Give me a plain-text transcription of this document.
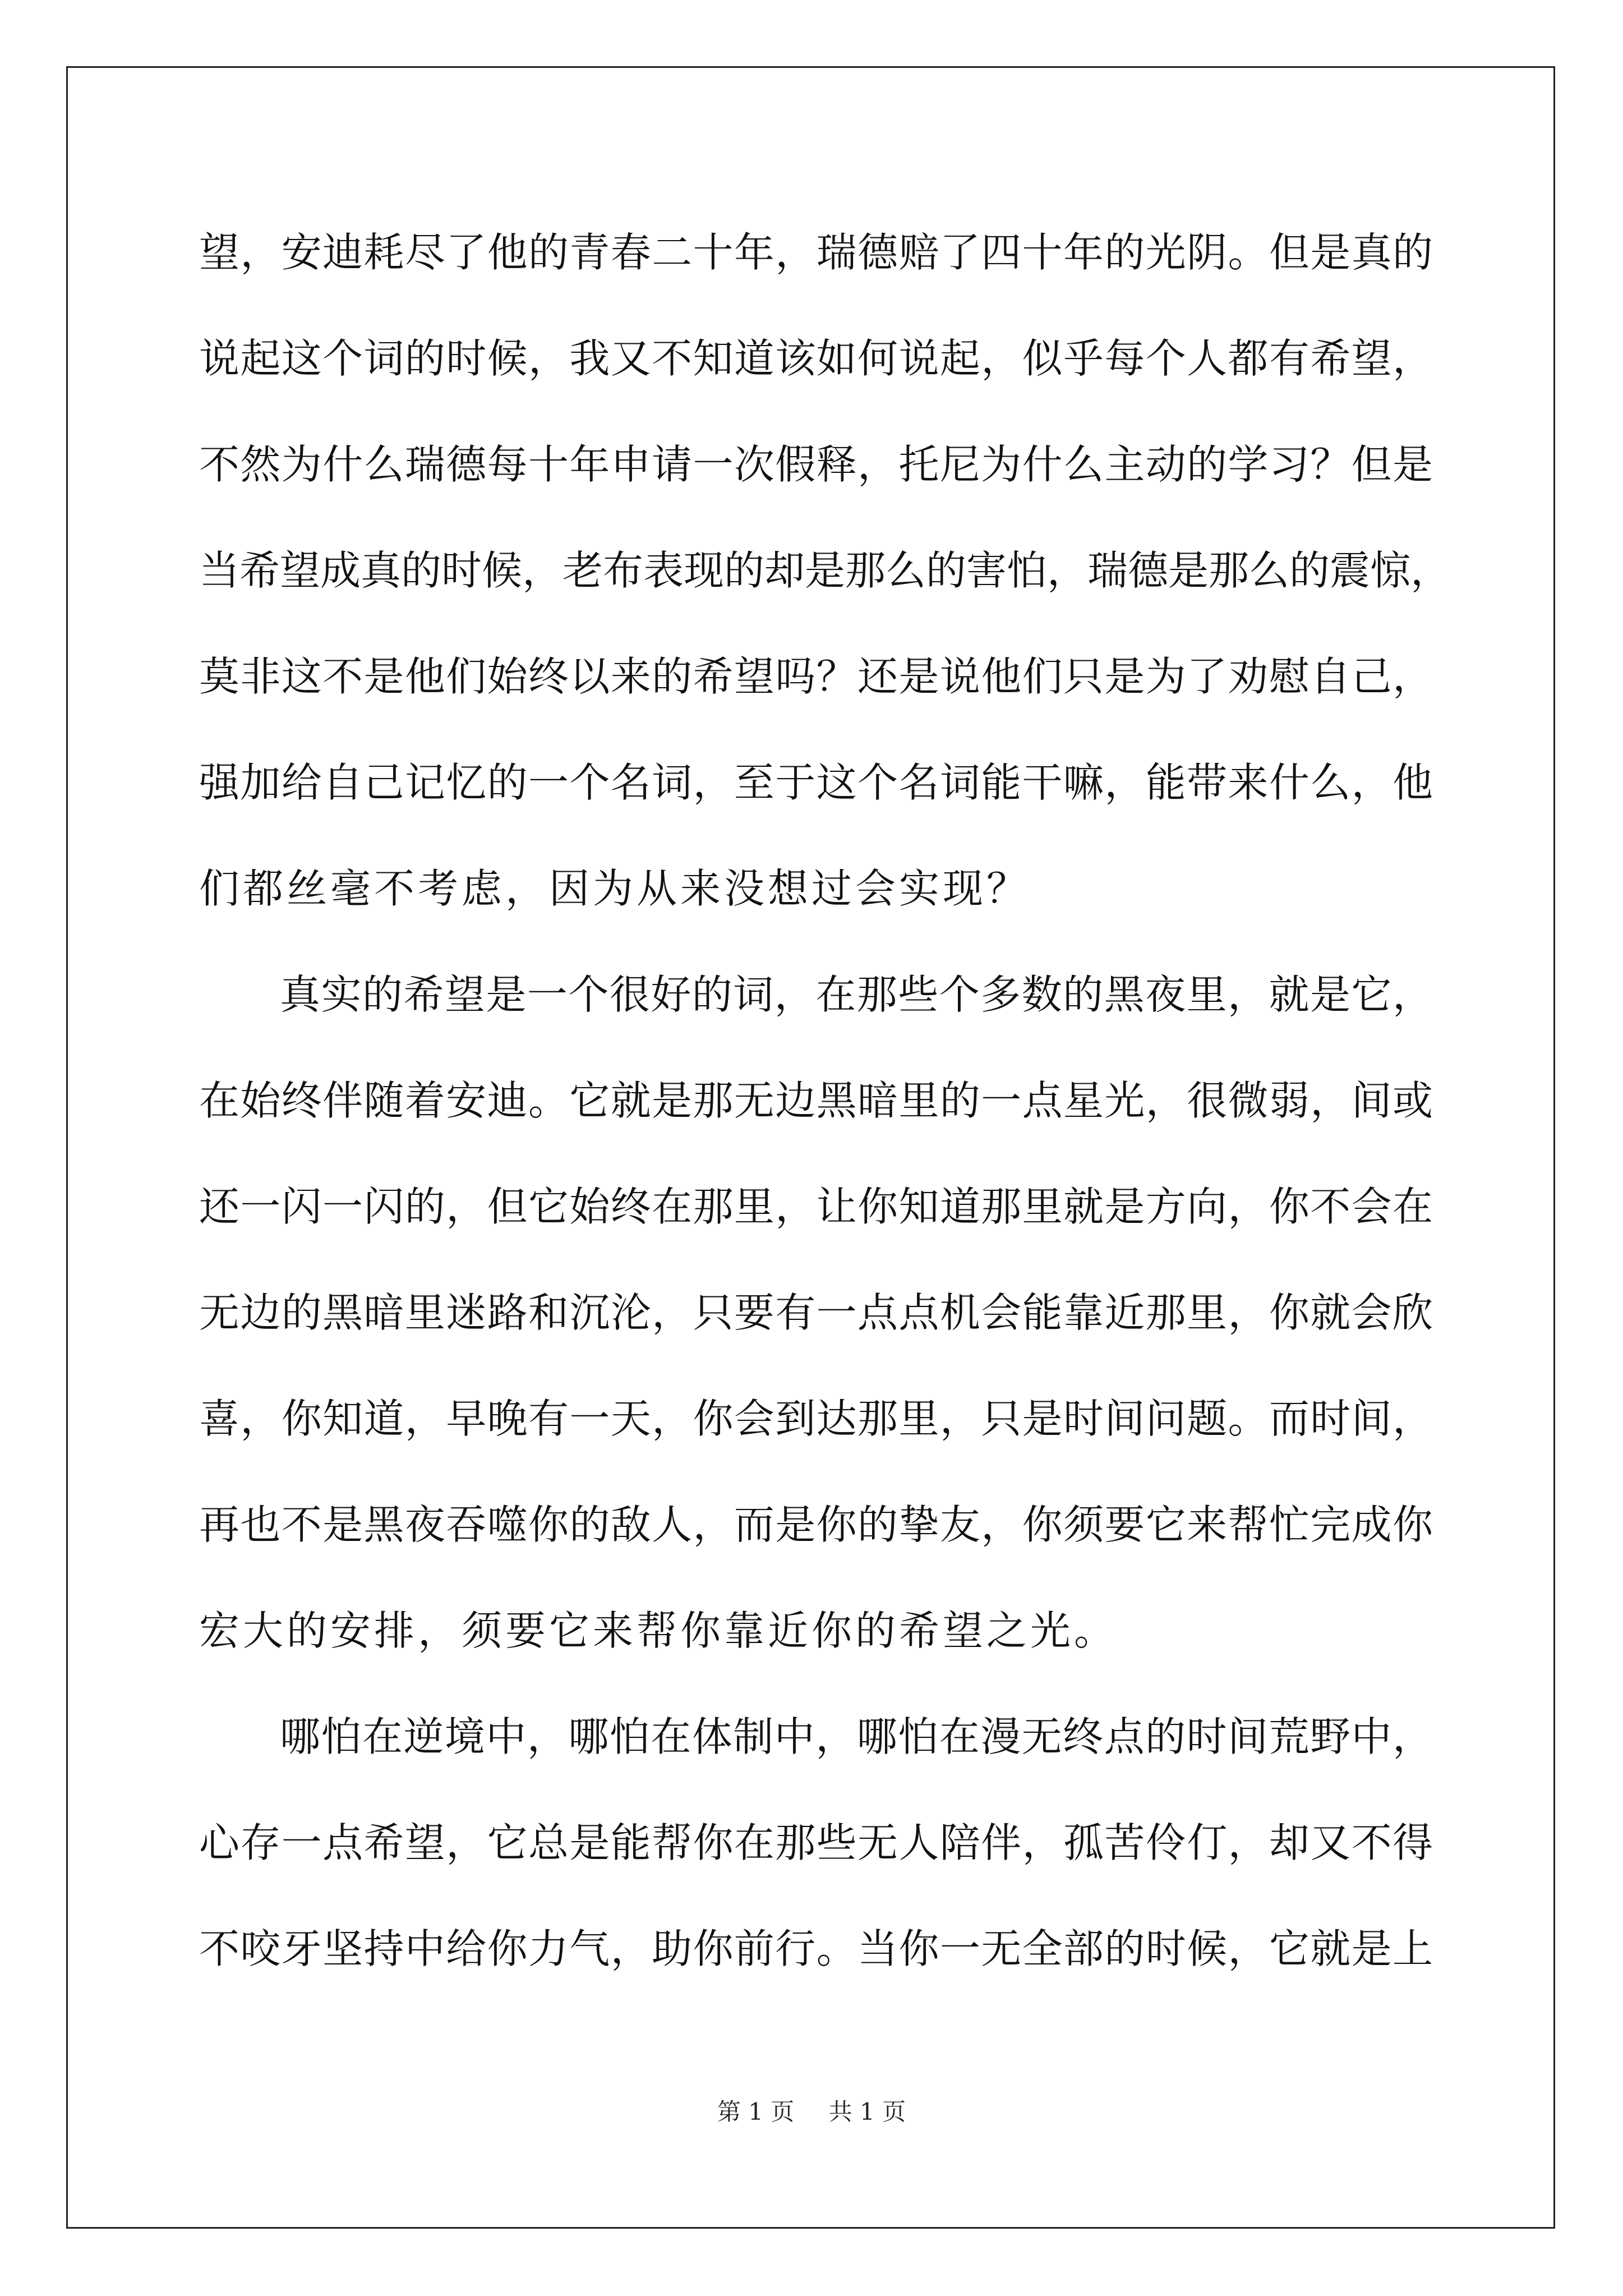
望，安迪耗尽了他的青春二十年，瑞德赔了四十年的光阴。但是真的
说起这个词的时候，我又不知道该如何说起，似乎每个人都有希望，
不然为什么瑞德每十年申请一次假释，托尼为什么主动的学习？但是
当希望成真的时候，老布表现的却是那么的害怕，瑞德是那么的震惊，
莫非这不是他们始终以来的希望吗？还是说他们只是为了劝慰自己，
强加给自己记忆的一个名词，至于这个名词能干嘛，能带来什么，他
们都丝毫不考虑，因为从来没想过会实现？
真实的希望是一个很好的词，在那些个多数的黑夜里，就是它，
在始终伴随着安迪。它就是那无边黑暗里的一点星光，很微弱，间或
还一闪一闪的，但它始终在那里，让你知道那里就是方向，你不会在
无边的黑暗里迷路和沉沦，只要有一点点机会能靠近那里，你就会欣
喜，你知道，早晚有一天，你会到达那里，只是时间问题。而时间，
再也不是黑夜吞噬你的敌人，而是你的挚友，你须要它来帮忙完成你
宏大的安排，须要它来帮你靠近你的希望之光。
哪怕在逆境中，哪怕在体制中，哪怕在漫无终点的时间荒野中，
心存一点希望，它总是能帮你在那些无人陪伴，孤苦伶仃，却又不得
不咬牙坚持中给你力气，助你前行。当你一无全部的时候，它就是上
第 1 页 共 1 页
